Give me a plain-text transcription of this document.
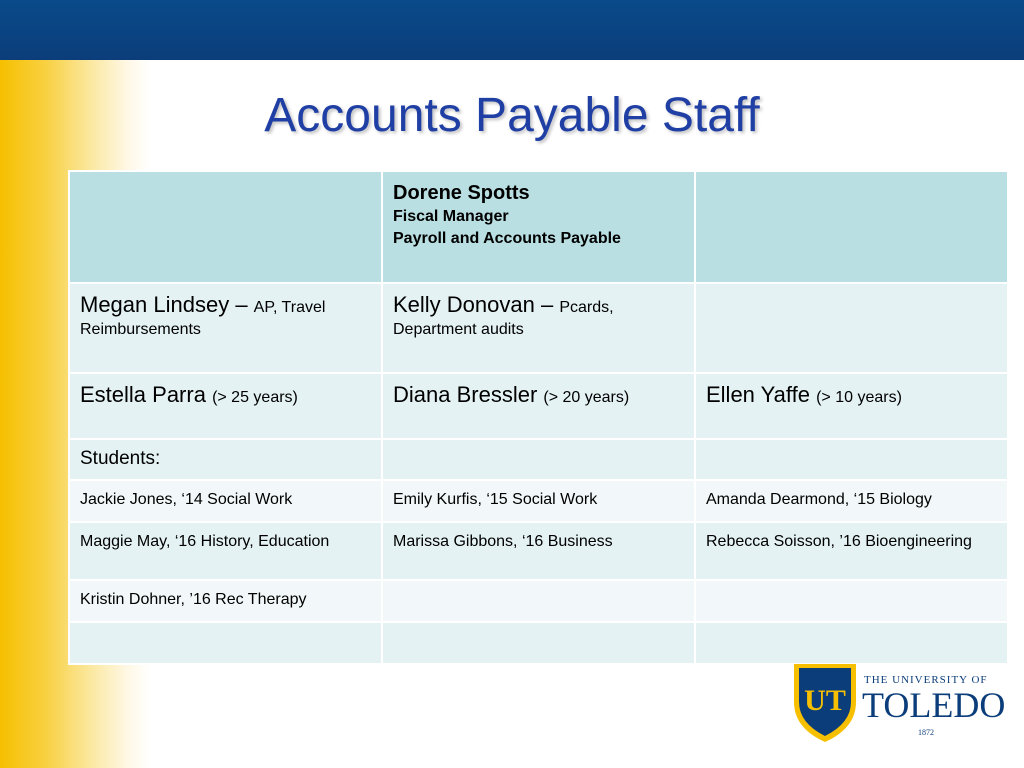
Accounts Payable Staff

	Dorene Spotts
Fiscal Manager
Payroll and Accounts Payable	

Megan Lindsey – AP, Travel
Reimbursements	Kelly Donovan – Pcards,
Department audits	
Estella Parra (> 25 years)	Diana Bressler (> 20 years)	Ellen Yaffe (> 10 years)
Students:		
Jackie Jones, ‘14 Social Work	Emily Kurfis, ‘15 Social Work	Amanda Dearmond, ‘15 Biology
Maggie May, ‘16 History, Education	Marissa Gibbons, ‘16 Business	Rebecca Soisson, ’16 Bioengineering
Kristin Dohner, ’16 Rec Therapy		

UT
THE UNIVERSITY OF
TOLEDO
1872
